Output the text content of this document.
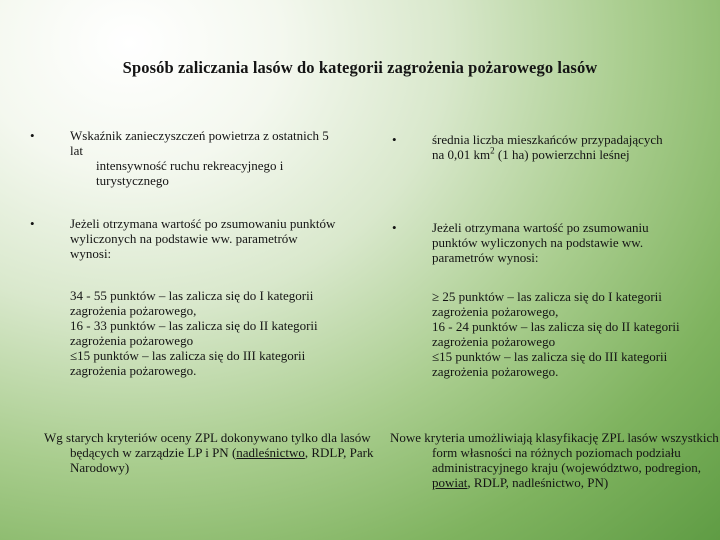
Sposób zaliczania lasów do kategorii zagrożenia pożarowego lasów
•	Wskaźnik zanieczyszczeń powietrza z ostatnich 5 lat
intensywność ruchu rekreacyjnego i turystycznego
•	Jeżeli otrzymana wartość po zsumowaniu punktów wyliczonych na podstawie ww. parametrów wynosi:
34 - 55 punktów – las zalicza się do I kategorii zagrożenia pożarowego,
16 - 33 punktów – las zalicza się do II kategorii zagrożenia pożarowego
≤15 punktów – las zalicza się do III kategorii zagrożenia pożarowego.
Wg starych kryteriów oceny ZPL dokonywano tylko dla lasów będących w zarządzie LP i PN (nadleśnictwo, RDLP, Park Narodowy)
•	średnia liczba mieszkańców przypadających na 0,01 $km^2$ (1 ha) powierzchni leśnej
•	Jeżeli otrzymana wartość po zsumowaniu punktów wyliczonych na podstawie ww. parametrów wynosi:
≥ 25 punktów – las zalicza się do I kategorii zagrożenia pożarowego,
16 - 24 punktów – las zalicza się do II kategorii zagrożenia pożarowego
≤15 punktów – las zalicza się do III kategorii zagrożenia pożarowego.
Nowe kryteria umożliwiają klasyfikację ZPL lasów wszystkich form własności na różnych poziomach podziału administracyjnego kraju (województwo, podregion, powiat, RDLP, nadleśnictwo, PN)
